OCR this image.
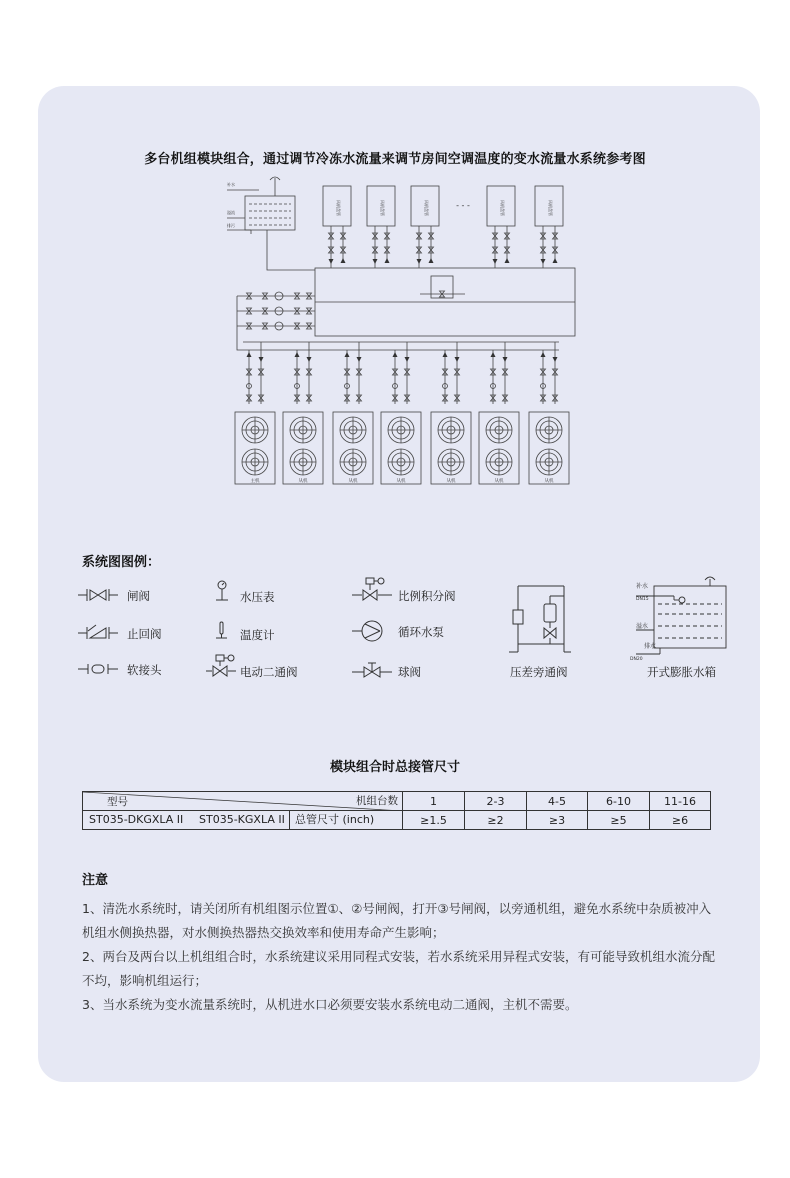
多台机组模块组合，通过调节冷冻水流量来调节房间空调温度的变水流量水系统参考图
补水
溢流
排污
风机盘管	风机盘管	风机盘管	风机盘管	风机盘管
- - -
主机	从机	从机	从机	从机	从机	从机
系统图图例：
闸阀
止回阀
软接头
水压表
温度计
电动二通阀
比例积分阀
循环水泵
球阀	压差旁通阀
补水
DN15
溢水
排水
DN20
开式膨胀水箱
模块组合时总接管尺寸
型号 机组台数	1	2-3	4-5	6-10	11-16
ST035-DKGXLA II ST035-KGXLA II 总管尺寸 (inch)	≥1.5	≥2	≥3	≥5	≥6
注意

1、清洗水系统时，请关闭所有机组图示位置①、②号闸阀，打开③号闸阀，以旁通机组，避免水系统中杂质被冲入机组水侧换热器，对水侧换热器热交换效率和使用寿命产生影响；

2、两台及两台以上机组组合时，水系统建议采用同程式安装，若水系统采用异程式安装，有可能导致机组水流分配不均，影响机组运行；

3、当水系统为变水流量系统时，从机进水口必须要安装水系统电动二通阀，主机不需要。
